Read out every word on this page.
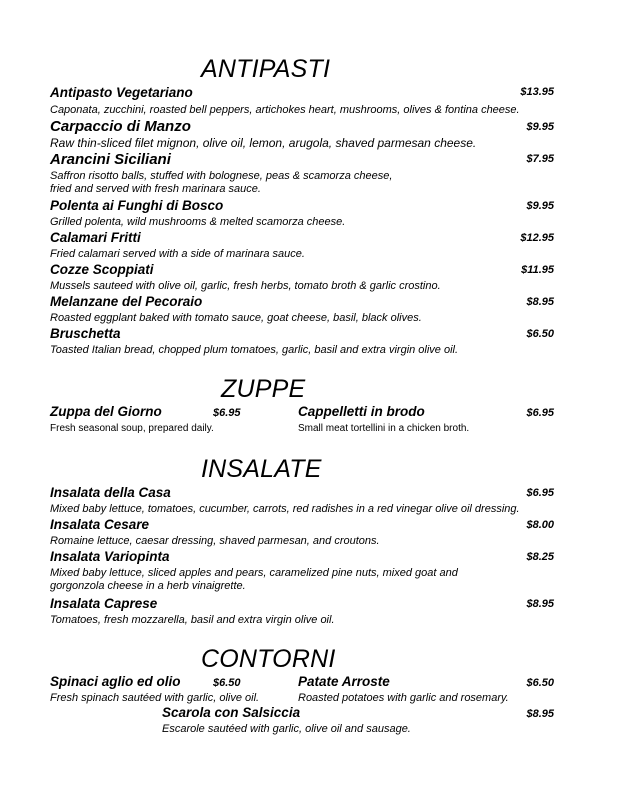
ANTIPASTI
Antipasto Vegetariano	$13.95
Caponata, zucchini, roasted bell peppers, artichokes heart, mushrooms, olives & fontina cheese.
Carpaccio di Manzo	$9.95
Raw thin-sliced filet mignon, olive oil, lemon, arugola, shaved parmesan cheese.
Arancini Siciliani	$7.95
Saffron risotto balls, stuffed with bolognese, peas & scamorza cheese,
fried and served with fresh marinara sauce.
Polenta ai Funghi di Bosco	$9.95
Grilled polenta, wild mushrooms & melted scamorza cheese.
Calamari Fritti	$12.95
Fried calamari served with a side of marinara sauce.
Cozze Scoppiati	$11.95
Mussels sauteed with olive oil, garlic, fresh herbs, tomato broth & garlic crostino.
Melanzane del Pecoraio	$8.95
Roasted eggplant baked with tomato sauce, goat cheese, basil, black olives.
Bruschetta	$6.50
Toasted Italian bread, chopped plum tomatoes, garlic, basil and extra virgin olive oil.
ZUPPE
Zuppa del Giorno	$6.95
Fresh seasonal soup, prepared daily.
Cappelletti in brodo	$6.95
Small meat tortellini in a chicken broth.
INSALATE
Insalata della Casa	$6.95
Mixed baby lettuce, tomatoes, cucumber, carrots, red radishes in a red vinegar olive oil dressing.
Insalata Cesare	$8.00
Romaine lettuce, caesar dressing, shaved parmesan, and croutons.
Insalata Variopinta	$8.25
Mixed baby lettuce, sliced apples and pears, caramelized pine nuts, mixed goat and
gorgonzola cheese in a herb vinaigrette.
Insalata Caprese	$8.95
Tomatoes, fresh mozzarella, basil and extra virgin olive oil.
CONTORNI
Spinaci aglio ed olio	$6.50
Fresh spinach sautéed with garlic, olive oil.
Patate Arroste	$6.50
Roasted potatoes with garlic and rosemary.
Scarola con Salsiccia	$8.95
Escarole sautéed with garlic, olive oil and sausage.
